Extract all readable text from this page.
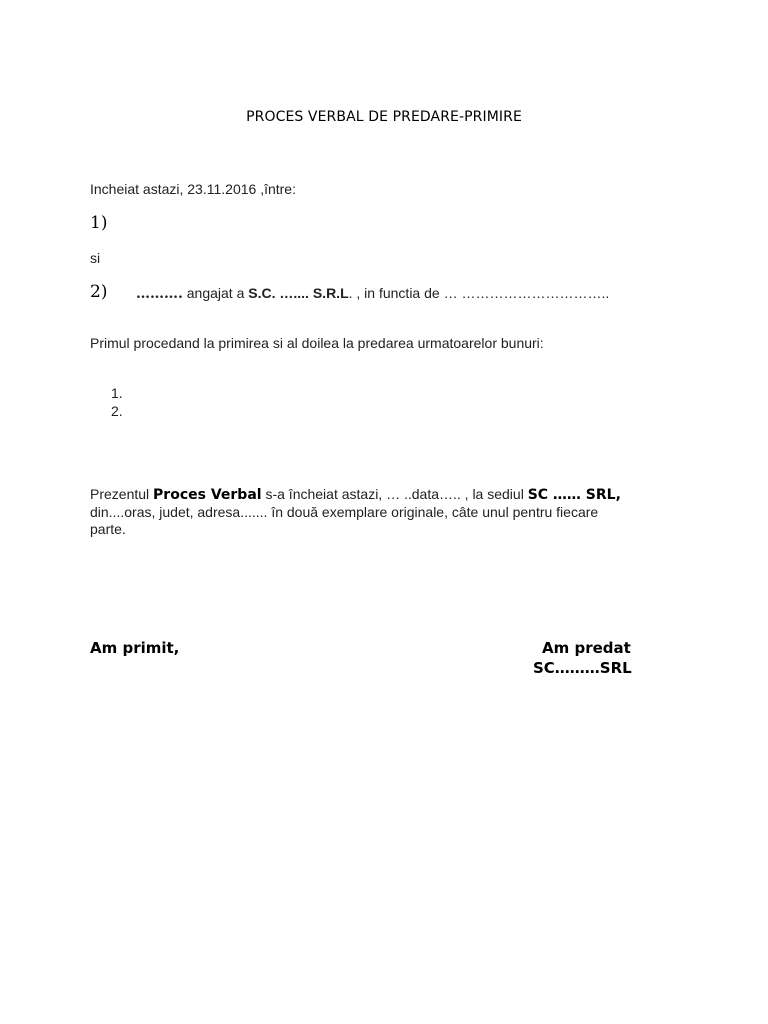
PROCES VERBAL DE PREDARE-PRIMIRE
Incheiat astazi, 23.11.2016 ,între:
1)
si
2) ………. angajat a S.C. ….... S.R.L. , in functia de … …………………………..
Primul procedand la primirea si al doilea la predarea urmatoarelor bunuri:
1.
2.
Prezentul Proces Verbal s-a încheiat astazi, … ..data….. , la sediul SC …… SRL,
din....oras, judet, adresa....... în două exemplare originale, câte unul pentru fiecare
parte.
Am primit,	Am predat
SC………SRL
